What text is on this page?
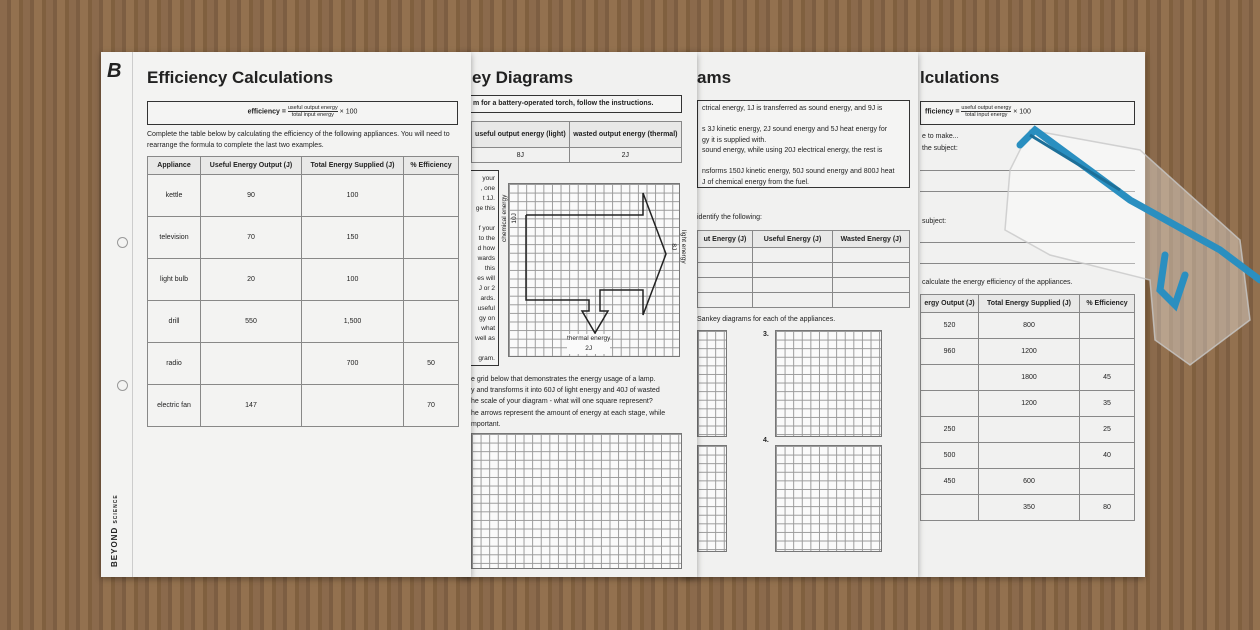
lculations
fficiency = $\frac{\text{useful output energy}}{\text{total input energy}} \times 100$
e to make...
the subject:
subject:
calculate the energy efficiency of the appliances.
ergy Output (J)	Total Energy Supplied (J)	% Efficiency
520	800	
960	1200	
	1800	45
	1200	35
250		25
500		40
450	600	
	350	80
ams
ctrical energy, 1J is transferred as sound energy, and 9J is
s 3J kinetic energy, 2J sound energy and 5J heat energy for
gy it is supplied with.
sound energy, while using 20J electrical energy, the rest is
nsforms 150J kinetic energy, 50J sound energy and 800J heat
J of chemical energy from the fuel.
identify the following:
ut Energy (J)	Useful Energy (J)	Wasted Energy (J)

Sankey diagrams for each of the appliances.
3.
4.
ey Diagrams
m for a battery-operated torch, follow the instructions.
useful output energy (light)	wasted output energy (thermal)
8J	2J
your
, one
t 1J.
ge this
f your
to the
d how
wards
this
es will
J or 2
ards.
useful
gy on
what
well as
gram.
chemical energy 10J
light energy
8J
thermal energy
2J
e grid below that demonstrates the energy usage of a lamp.
y and transforms it into 60J of light energy and 40J of wasted
he scale of your diagram - what will one square represent?
he arrows represent the amount of energy at each stage, while
mportant.
B
BEYOND SCIENCE
Efficiency Calculations
efficiency = $\frac{\text{useful output energy}}{\text{total input energy}} \times 100$
Complete the table below by calculating the efficiency of the following appliances. You will need to rearrange the formula to complete the last two examples.
Appliance	Useful Energy Output (J)	Total Energy Supplied (J)	% Efficiency
kettle	90	100	
television	70	150	
light bulb	20	100	
drill	550	1,500	
radio		700	50
electric fan	147		70
